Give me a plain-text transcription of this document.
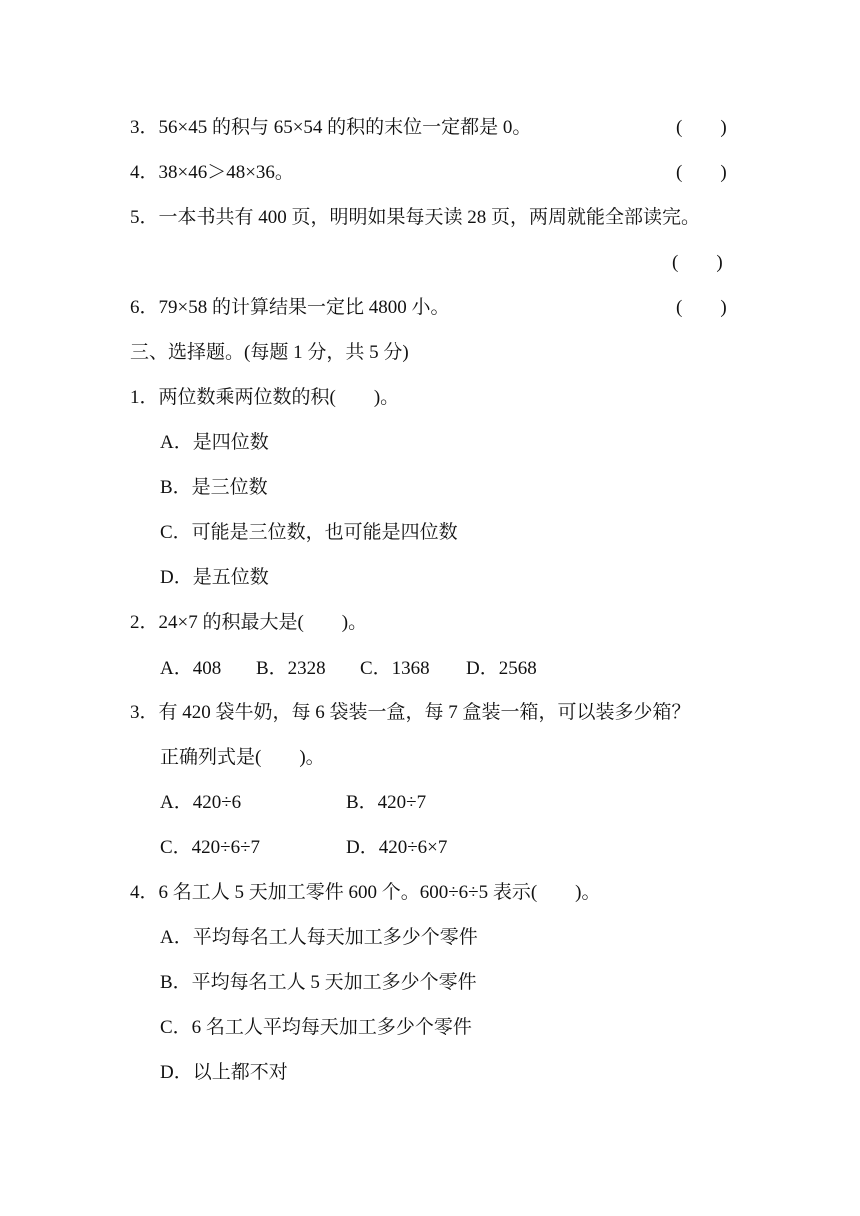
3．56×45 的积与 65×54 的积的末位一定都是 0。	(　　)
4．38×46＞48×36。	(　　)
5．一本书共有 400 页，明明如果每天读 28 页，两周就能全部读完。
(　　)
6．79×58 的计算结果一定比 4800 小。	(　　)
三、选择题。(每题 1 分，共 5 分)
1．两位数乘两位数的积(　　)。
A．是四位数
B．是三位数
C．可能是三位数，也可能是四位数
D．是五位数
2．24×7 的积最大是(　　)。
A．408 B．2328 C．1368 D．2568
3．有 420 袋牛奶，每 6 袋装一盒，每 7 盒装一箱，可以装多少箱？
正确列式是(　　)。
A．420÷6	B．420÷7
C．420÷6÷7	D．420÷6×7
4．6 名工人 5 天加工零件 600 个。600÷6÷5 表示(　　)。
A．平均每名工人每天加工多少个零件
B．平均每名工人 5 天加工多少个零件
C．6 名工人平均每天加工多少个零件
D．以上都不对
